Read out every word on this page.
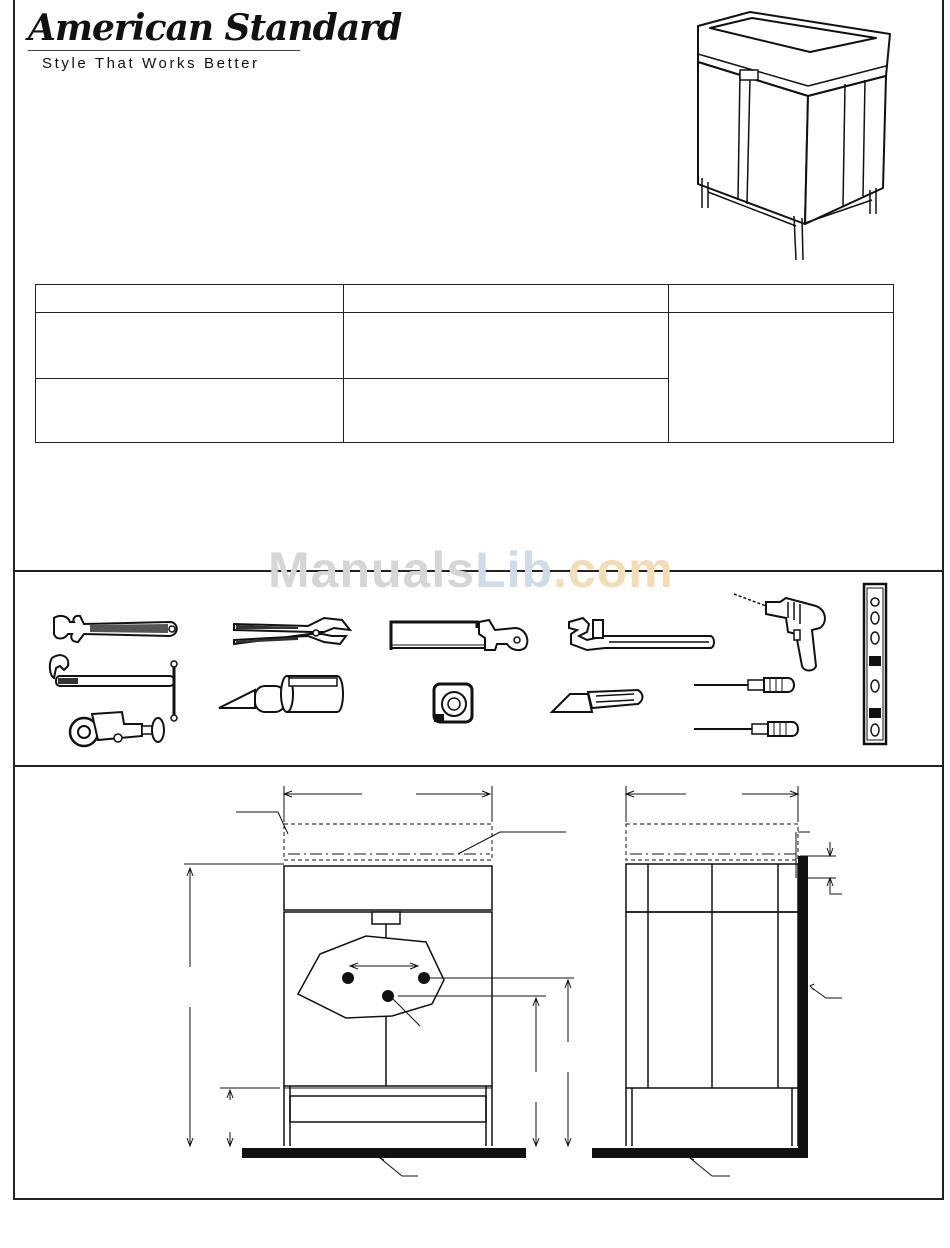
American Standard
Style That Works Better

ManualsLib.com
